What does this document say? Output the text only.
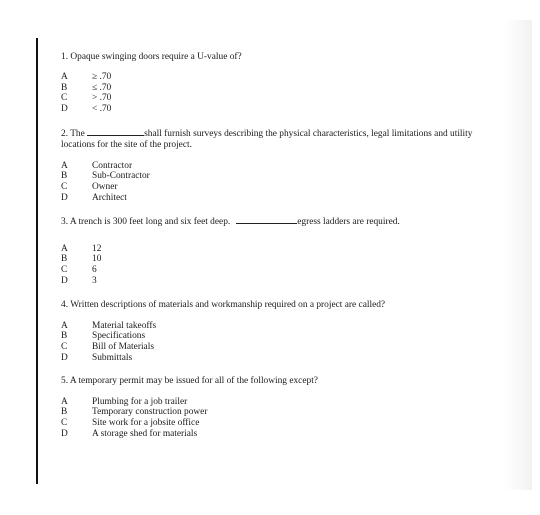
1. Opaque swinging doors require a U-value of?

A	≥ .70
B	≤ .70
C	> .70
D	< .70

2. The	shall furnish surveys describing the physical characteristics, legal limitations and utility
locations for the site of the project.

A	Contractor
B	Sub-Contractor
C	Owner
D	Architect

3. A trench is 300 feet long and six feet deep.	egress ladders are required.

A	12
B	10
C	6
D	3

4. Written descriptions of materials and workmanship required on a project are called?

A	Material takeoffs
B	Specifications
C	Bill of Materials
D	Submittals

5. A temporary permit may be issued for all of the following except?

A	Plumbing for a job trailer
B	Temporary construction power
C	Site work for a jobsite office
D	A storage shed for materials
